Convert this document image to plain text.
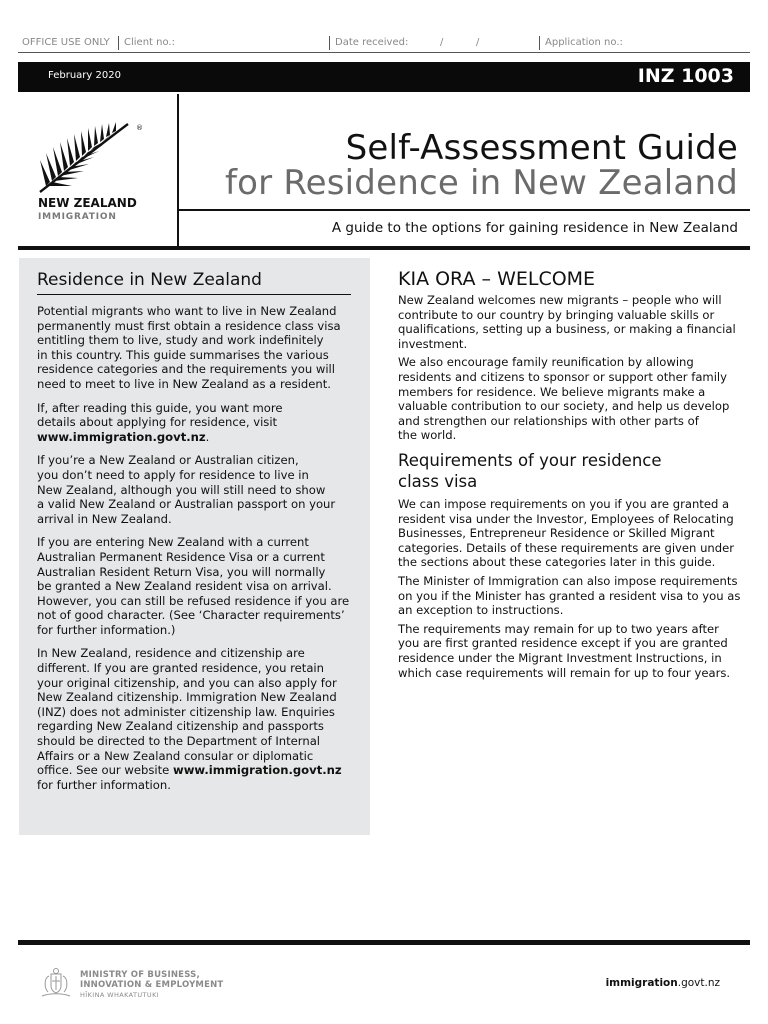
OFFICE USE ONLY Client no.:	Date received:	/	/	Application no.:
February 2020	INZ 1003
®
NEW ZEALAND
IMMIGRATION
Self-Assessment Guide
for Residence in New Zealand
A guide to the options for gaining residence in New Zealand
Residence in New Zealand

Potential migrants who want to live in New Zealand
permanently must first obtain a residence class visa
entitling them to live, study and work indefinitely
in this country. This guide summarises the various
residence categories and the requirements you will
need to meet to live in New Zealand as a resident.

If, after reading this guide, you want more
details about applying for residence, visit
www.immigration.govt.nz.

If you’re a New Zealand or Australian citizen,
you don’t need to apply for residence to live in
New Zealand, although you will still need to show
a valid New Zealand or Australian passport on your
arrival in New Zealand.

If you are entering New Zealand with a current
Australian Permanent Residence Visa or a current
Australian Resident Return Visa, you will normally
be granted a New Zealand resident visa on arrival.
However, you can still be refused residence if you are
not of good character. (See ‘Character requirements’
for further information.)

In New Zealand, residence and citizenship are
different. If you are granted residence, you retain
your original citizenship, and you can also apply for
New Zealand citizenship. Immigration New Zealand
(INZ) does not administer citizenship law. Enquiries
regarding New Zealand citizenship and passports
should be directed to the Department of Internal
Affairs or a New Zealand consular or diplomatic
office. See our website www.immigration.govt.nz
for further information.

KIA ORA – WELCOME

New Zealand welcomes new migrants – people who will
contribute to our country by bringing valuable skills or
qualifications, setting up a business, or making a financial
investment.

We also encourage family reunification by allowing
residents and citizens to sponsor or support other family
members for residence. We believe migrants make a
valuable contribution to our society, and help us develop
and strengthen our relationships with other parts of
the world.

Requirements of your residence
class visa

We can impose requirements on you if you are granted a
resident visa under the Investor, Employees of Relocating
Businesses, Entrepreneur Residence or Skilled Migrant
categories. Details of these requirements are given under
the sections about these categories later in this guide.

The Minister of Immigration can also impose requirements
on you if the Minister has granted a resident visa to you as
an exception to instructions.

The requirements may remain for up to two years after
you are first granted residence except if you are granted
residence under the Migrant Investment Instructions, in
which case requirements will remain for up to four years.

MINISTRY OF BUSINESS,
INNOVATION & EMPLOYMENT
HĪKINA WHAKATUTUKI
immigration.govt.nz
